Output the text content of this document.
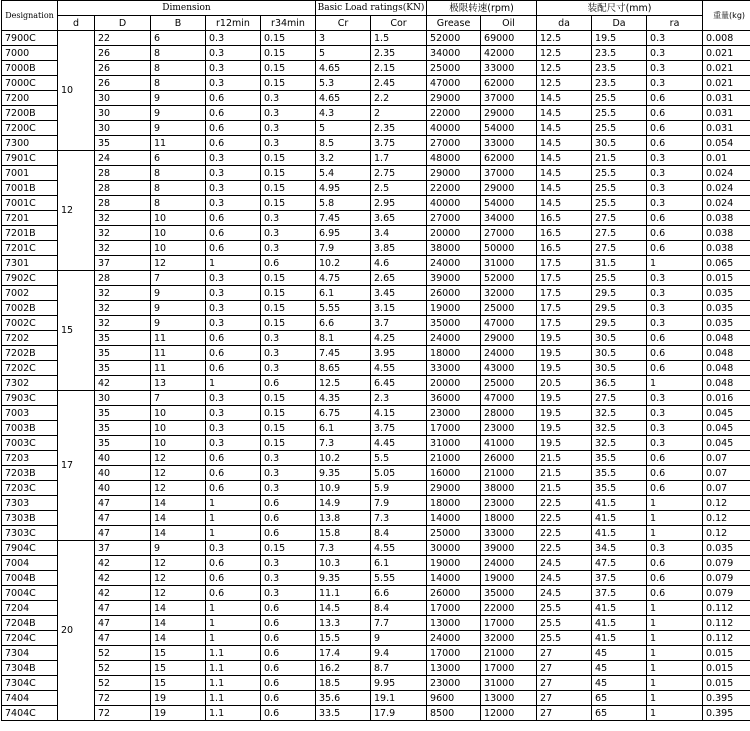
Designation	Dimension					Basic Load ratings(KN)		极限转速(rpm)		装配尺寸(mm)			重量(kg)
	d	D	B	r12min	r34min	Cr	Cor	Grease	Oil	da	Da	ra	
7900C	10	22	6	0.3	0.15	3	1.5	52000	69000	12.5	19.5	0.3	0.008
7000		26	8	0.3	0.15	5	2.35	34000	42000	12.5	23.5	0.3	0.021
7000B		26	8	0.3	0.15	4.65	2.15	25000	33000	12.5	23.5	0.3	0.021
7000C		26	8	0.3	0.15	5.3	2.45	47000	62000	12.5	23.5	0.3	0.021
7200		30	9	0.6	0.3	4.65	2.2	29000	37000	14.5	25.5	0.6	0.031
7200B		30	9	0.6	0.3	4.3	2	22000	29000	14.5	25.5	0.6	0.031
7200C		30	9	0.6	0.3	5	2.35	40000	54000	14.5	25.5	0.6	0.031
7300		35	11	0.6	0.3	8.5	3.75	27000	33000	14.5	30.5	0.6	0.054
7901C	12	24	6	0.3	0.15	3.2	1.7	48000	62000	14.5	21.5	0.3	0.01
7001		28	8	0.3	0.15	5.4	2.75	29000	37000	14.5	25.5	0.3	0.024
7001B		28	8	0.3	0.15	4.95	2.5	22000	29000	14.5	25.5	0.3	0.024
7001C		28	8	0.3	0.15	5.8	2.95	40000	54000	14.5	25.5	0.3	0.024
7201		32	10	0.6	0.3	7.45	3.65	27000	34000	16.5	27.5	0.6	0.038
7201B		32	10	0.6	0.3	6.95	3.4	20000	27000	16.5	27.5	0.6	0.038
7201C		32	10	0.6	0.3	7.9	3.85	38000	50000	16.5	27.5	0.6	0.038
7301		37	12	1	0.6	10.2	4.6	24000	31000	17.5	31.5	1	0.065
7902C	15	28	7	0.3	0.15	4.75	2.65	39000	52000	17.5	25.5	0.3	0.015
7002		32	9	0.3	0.15	6.1	3.45	26000	32000	17.5	29.5	0.3	0.035
7002B		32	9	0.3	0.15	5.55	3.15	19000	25000	17.5	29.5	0.3	0.035
7002C		32	9	0.3	0.15	6.6	3.7	35000	47000	17.5	29.5	0.3	0.035
7202		35	11	0.6	0.3	8.1	4.25	24000	29000	19.5	30.5	0.6	0.048
7202B		35	11	0.6	0.3	7.45	3.95	18000	24000	19.5	30.5	0.6	0.048
7202C		35	11	0.6	0.3	8.65	4.55	33000	43000	19.5	30.5	0.6	0.048
7302		42	13	1	0.6	12.5	6.45	20000	25000	20.5	36.5	1	0.048
7903C	17	30	7	0.3	0.15	4.35	2.3	36000	47000	19.5	27.5	0.3	0.016
7003		35	10	0.3	0.15	6.75	4.15	23000	28000	19.5	32.5	0.3	0.045
7003B		35	10	0.3	0.15	6.1	3.75	17000	23000	19.5	32.5	0.3	0.045
7003C		35	10	0.3	0.15	7.3	4.45	31000	41000	19.5	32.5	0.3	0.045
7203		40	12	0.6	0.3	10.2	5.5	21000	26000	21.5	35.5	0.6	0.07
7203B		40	12	0.6	0.3	9.35	5.05	16000	21000	21.5	35.5	0.6	0.07
7203C		40	12	0.6	0.3	10.9	5.9	29000	38000	21.5	35.5	0.6	0.07
7303		47	14	1	0.6	14.9	7.9	18000	23000	22.5	41.5	1	0.12
7303B		47	14	1	0.6	13.8	7.3	14000	18000	22.5	41.5	1	0.12
7303C		47	14	1	0.6	15.8	8.4	25000	33000	22.5	41.5	1	0.12
7904C	20	37	9	0.3	0.15	7.3	4.55	30000	39000	22.5	34.5	0.3	0.035
7004		42	12	0.6	0.3	10.3	6.1	19000	24000	24.5	47.5	0.6	0.079
7004B		42	12	0.6	0.3	9.35	5.55	14000	19000	24.5	37.5	0.6	0.079
7004C		42	12	0.6	0.3	11.1	6.6	26000	35000	24.5	37.5	0.6	0.079
7204		47	14	1	0.6	14.5	8.4	17000	22000	25.5	41.5	1	0.112
7204B		47	14	1	0.6	13.3	7.7	13000	17000	25.5	41.5	1	0.112
7204C		47	14	1	0.6	15.5	9	24000	32000	25.5	41.5	1	0.112
7304		52	15	1.1	0.6	17.4	9.4	17000	21000	27	45	1	0.015
7304B		52	15	1.1	0.6	16.2	8.7	13000	17000	27	45	1	0.015
7304C		52	15	1.1	0.6	18.5	9.95	23000	31000	27	45	1	0.015
7404		72	19	1.1	0.6	35.6	19.1	9600	13000	27	65	1	0.395
7404C		72	19	1.1	0.6	33.5	17.9	8500	12000	27	65	1	0.395
